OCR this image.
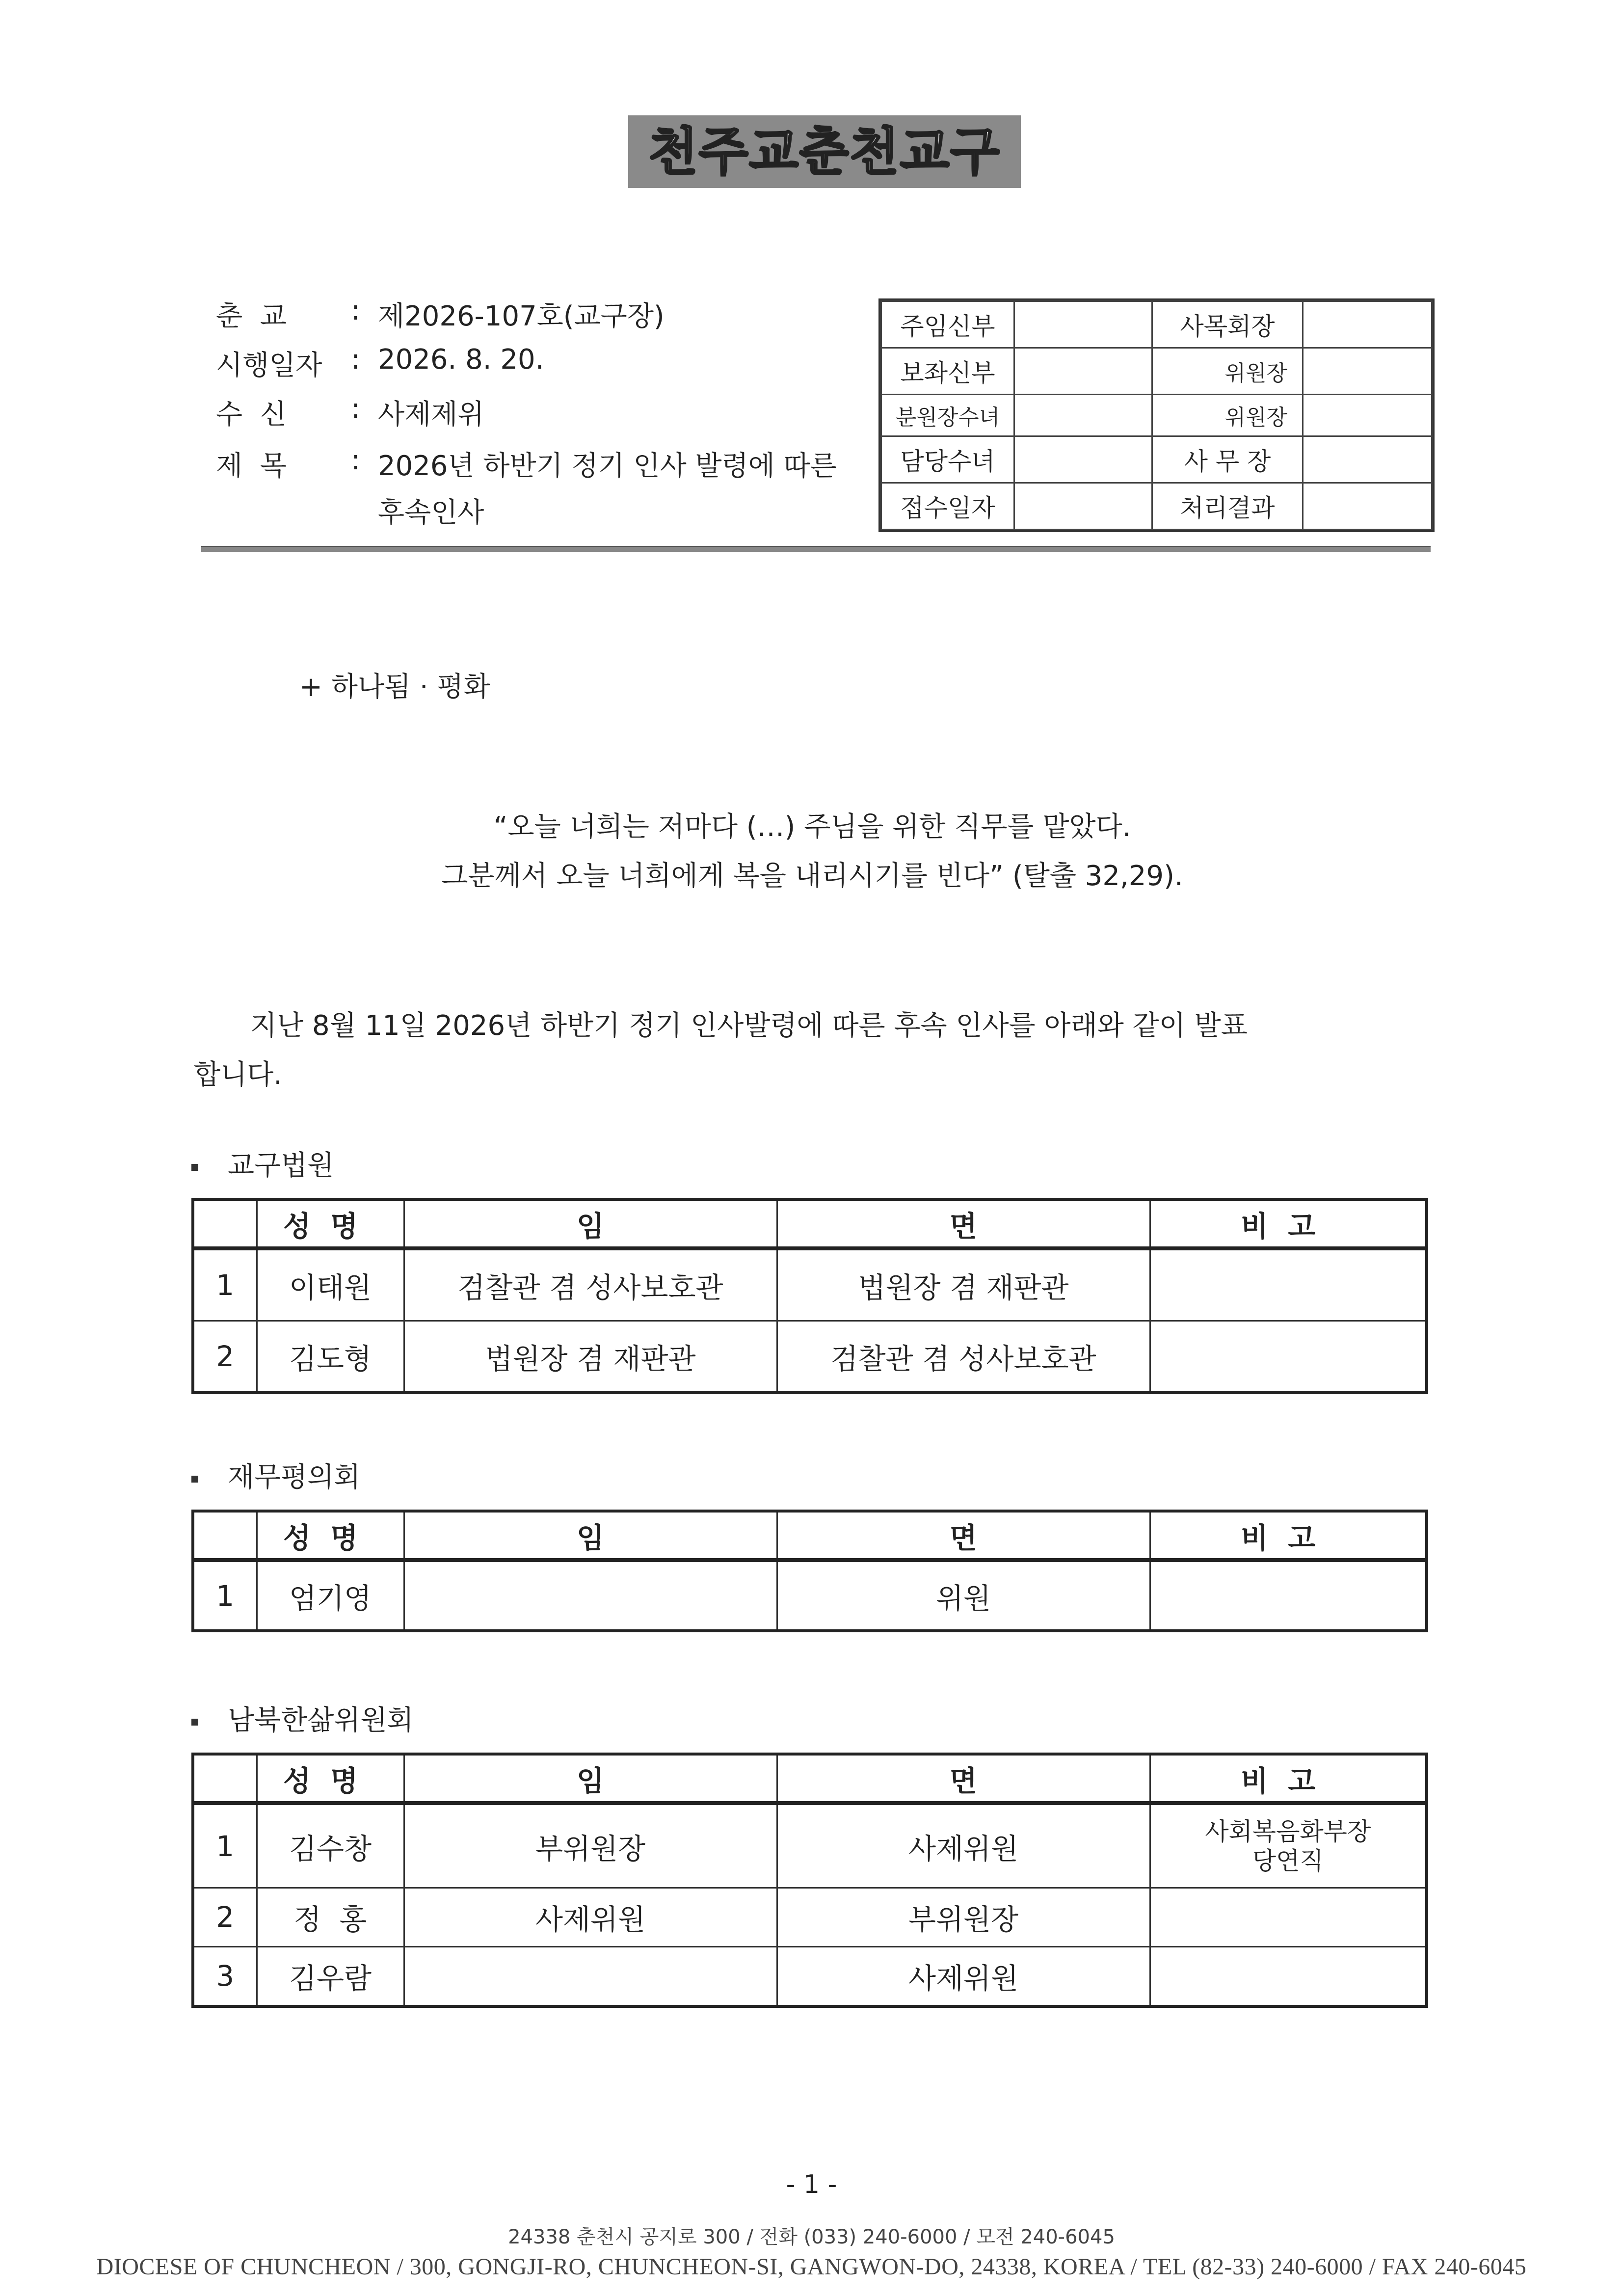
천주교춘천교구
춘  교	: 제2026-107호(교구장)
시행일자	: 2026. 8. 20.
수  신	: 사제제위
제  목	: 2026년 하반기 정기 인사 발령에 따른
후속인사
주임신부		사목회장	
보좌신부		위원장	
분원장수녀		위원장	
담당수녀		사 무 장	
접수일자		처리결과	
+ 하나됨 · 평화
“오늘 너희는 저마다 (…) 주님을 위한 직무를 맡았다.
그분께서 오늘 너희에게 복을 내리시기를 빈다” (탈출 32,29).
지난 8월 11일 2026년 하반기 정기 인사발령에 따른 후속 인사를 아래와 같이 발표
합니다.
교구법원
	성명	임	면	비고
1	이태원	검찰관 겸 성사보호관	법원장 겸 재판관	
2	김도형	법원장 겸 재판관	검찰관 겸 성사보호관	
재무평의회
	성명	임	면	비고
1	엄기영		위원	
남북한삶위원회
	성명	임	면	비고
1	김수창	부위원장	사제위원	사회복음화부장
당연직

2	정  홍	사제위원	부위원장	
3	김우람		사제위원	
- 1 -
24338 춘천시 공지로 300 / 전화 (033) 240-6000 / 모전 240-6045
DIOCESE OF CHUNCHEON / 300, GONGJI-RO, CHUNCHEON-SI, GANGWON-DO, 24338, KOREA / TEL (82-33) 240-6000 / FAX 240-6045
